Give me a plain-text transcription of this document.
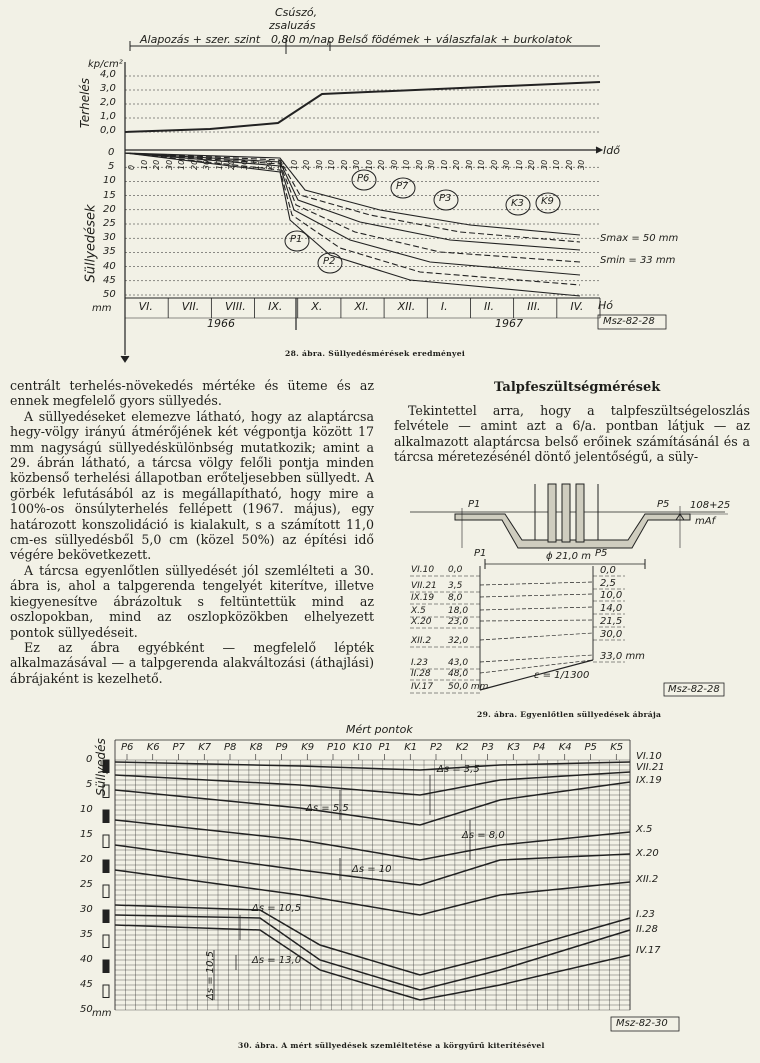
Alapozás + szer. szint
Csúszó,
zsaluzás
0,80 m/nap Belső födémek + válaszfalak + burkolatok
kp/cm²
Terhelés
4,0
3,0
2,0
1,0
0,0
Süllyedések
mm
0
5
10
15
20
25
30
35
40
45
50
0 10 20 30 10 20 30 10 20 30 10 20 30 10 20 30 10 20 30 10 20 30 10 20 30 10 20 30 10 20 30 10 20 30 10 20 30
Idő
VI.	VII. VIII. IX.	X.	XI.	XII. I.	II.	III.	IV. Hó
1966	1967
P6
P7
P3	K3 K9
P1
P2
Smax = 50 mm
Smin = 33 mm
Msz-82-28
28. ábra. Süllyedésmérések eredményei

centrált terhelés-növekedés mértéke és üteme és az ennek megfelelő gyors süllyedés.

A süllyedéseket elemezve látható, hogy az alaptárcsa hegy-völgy irányú átmérőjének két végpontja között 17 mm nagyságú süllyedéskülönbség mutatkozik; amint a 29. ábrán látható, a tárcsa völgy felőli pontja minden közbenső terhelési állapotban erőteljesebben süllyedt. A görbék lefutásából az is megállapítható, hogy mire a 100%-os önsúlyterhelés fellépett (1967. május), egy határozott konszolidáció is kialakult, s a számított 11,0 cm-es süllyedésből 5,0 cm (közel 50%) az építési idő végére bekövetkezett.

A tárcsa egyenlőtlen süllyedését jól szemlélteti a 30. ábra is, ahol a talpgerenda tengelyét kiterítve, illetve kiegyenesítve ábrázoltuk s feltüntettük mind az oszlopokban, mind az oszlopközökben elhelyezett pontok süllyedéseit.

Ez az ábra egyébként — megfelelő lépték alkalmazásával — a talpgerenda alakváltozási (áthajlási) ábrájaként is kezelhető.

Talpfeszültségmérések

Tekintettel arra, hogy a talpfeszültségeloszlás felvétele — amint azt a 6/a. pontban látjuk — az alkalmazott alaptárcsa belső erőinek számításánál és a tárcsa méretezésénél döntő jelentőségű, a süly-

P1	P5 108+25
mAf
P1	P5
ϕ 21,0 m
VI.10 0,0
VII.21 3,5
IX.19 8,0
X.5 18,0
X.20 23,0
XII.2 32,0
I.23 43,0
II.28 48,0
IV.17 50,0 mm
0,0
2,5
10,0
14,0
21,5
30,0
33,0 mm
ε = 1/1300
Msz-82-28
29. ábra. Egyenlőtlen süllyedések ábrája
Mért pontok
P6 K6 P7 K7 P8 K8 P9 K9 P10 K10 P1 K1 P2 K2 P3 K3 P4 K4 P5 K5
Süllyedés
0
5
10
15
20
25
30
35
40
45
50 mm
VI.10
VII.21
IX.19
X.5
X.20
XII.2
I.23
II.28
IV.17
Δs = 3,5
Δs = 5,5
Δs = 8,0
Δs = 10
Δs = 10,5
Δs = 13,0
Δs = 10,5
Msz-82-30
30. ábra. A mért süllyedések szemléltetése a körgyűrű kiterítésével
